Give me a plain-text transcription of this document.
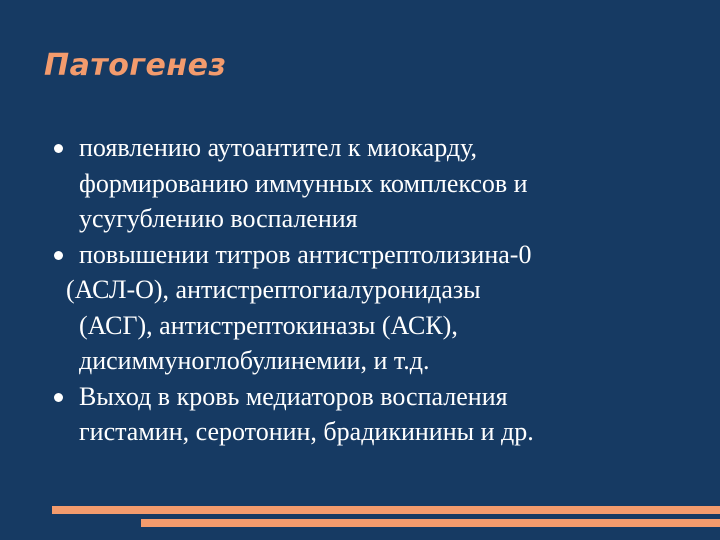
Патогенез
появлению аутоантител к миокарду,
формированию иммунных комплексов и
усугублению воспаления
повышении титров антистрептолизина-0
(АСЛ-О), антистрептогиалуронидазы
(АСГ), антистрептокиназы (АСК),
дисиммуноглобулинемии, и т.д.
Выход в кровь медиаторов воспаления
гистамин, серотонин, брадикинины и др.
